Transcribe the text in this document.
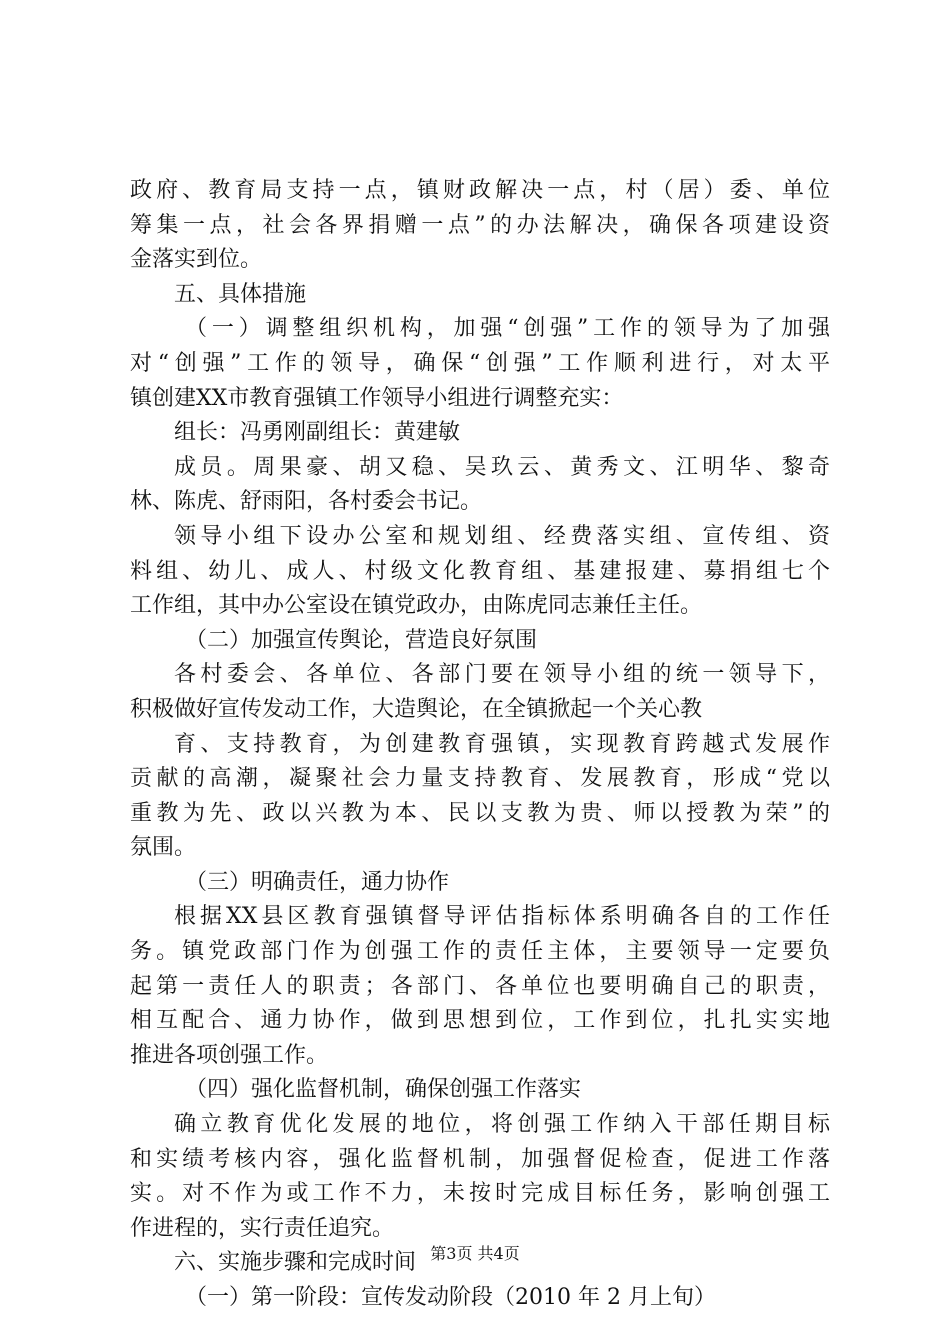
政府、教育局支持一点，镇财政解决一点，村（居）委、单位
筹集一点，社会各界捐赠一点”的办法解决，确保各项建设资
金落实到位。
五、具体措施
（一）调整组织机构，加强“创强”工作的领导为了加强
对“创强”工作的领导，确保“创强”工作顺利进行，对太平
镇创建XX市教育强镇工作领导小组进行调整充实：
组长：冯勇刚副组长：黄建敏
成员。周果豪、胡又稳、吴玖云、黄秀文、江明华、黎奇
林、陈虎、舒雨阳，各村委会书记。
领导小组下设办公室和规划组、经费落实组、宣传组、资
料组、幼儿、成人、村级文化教育组、基建报建、募捐组七个
工作组，其中办公室设在镇党政办，由陈虎同志兼任主任。
（二）加强宣传舆论，营造良好氛围
各村委会、各单位、各部门要在领导小组的统一领导下，
积极做好宣传发动工作，大造舆论，在全镇掀起一个关心教
育、支持教育，为创建教育强镇，实现教育跨越式发展作
贡献的高潮，凝聚社会力量支持教育、发展教育，形成“党以
重教为先、政以兴教为本、民以支教为贵、师以授教为荣”的
氛围。
（三）明确责任，通力协作
根据XX县区教育强镇督导评估指标体系明确各自的工作任
务。镇党政部门作为创强工作的责任主体，主要领导一定要负
起第一责任人的职责；各部门、各单位也要明确自己的职责，
相互配合、通力协作，做到思想到位，工作到位，扎扎实实地
推进各项创强工作。
（四）强化监督机制，确保创强工作落实
确立教育优化发展的地位，将创强工作纳入干部任期目标
和实绩考核内容，强化监督机制，加强督促检查，促进工作落
实。对不作为或工作不力，未按时完成目标任务，影响创强工
作进程的，实行责任追究。
六、实施步骤和完成时间
（一）第一阶段：宣传发动阶段（2010 年 2 月上旬）
第3页 共4页
